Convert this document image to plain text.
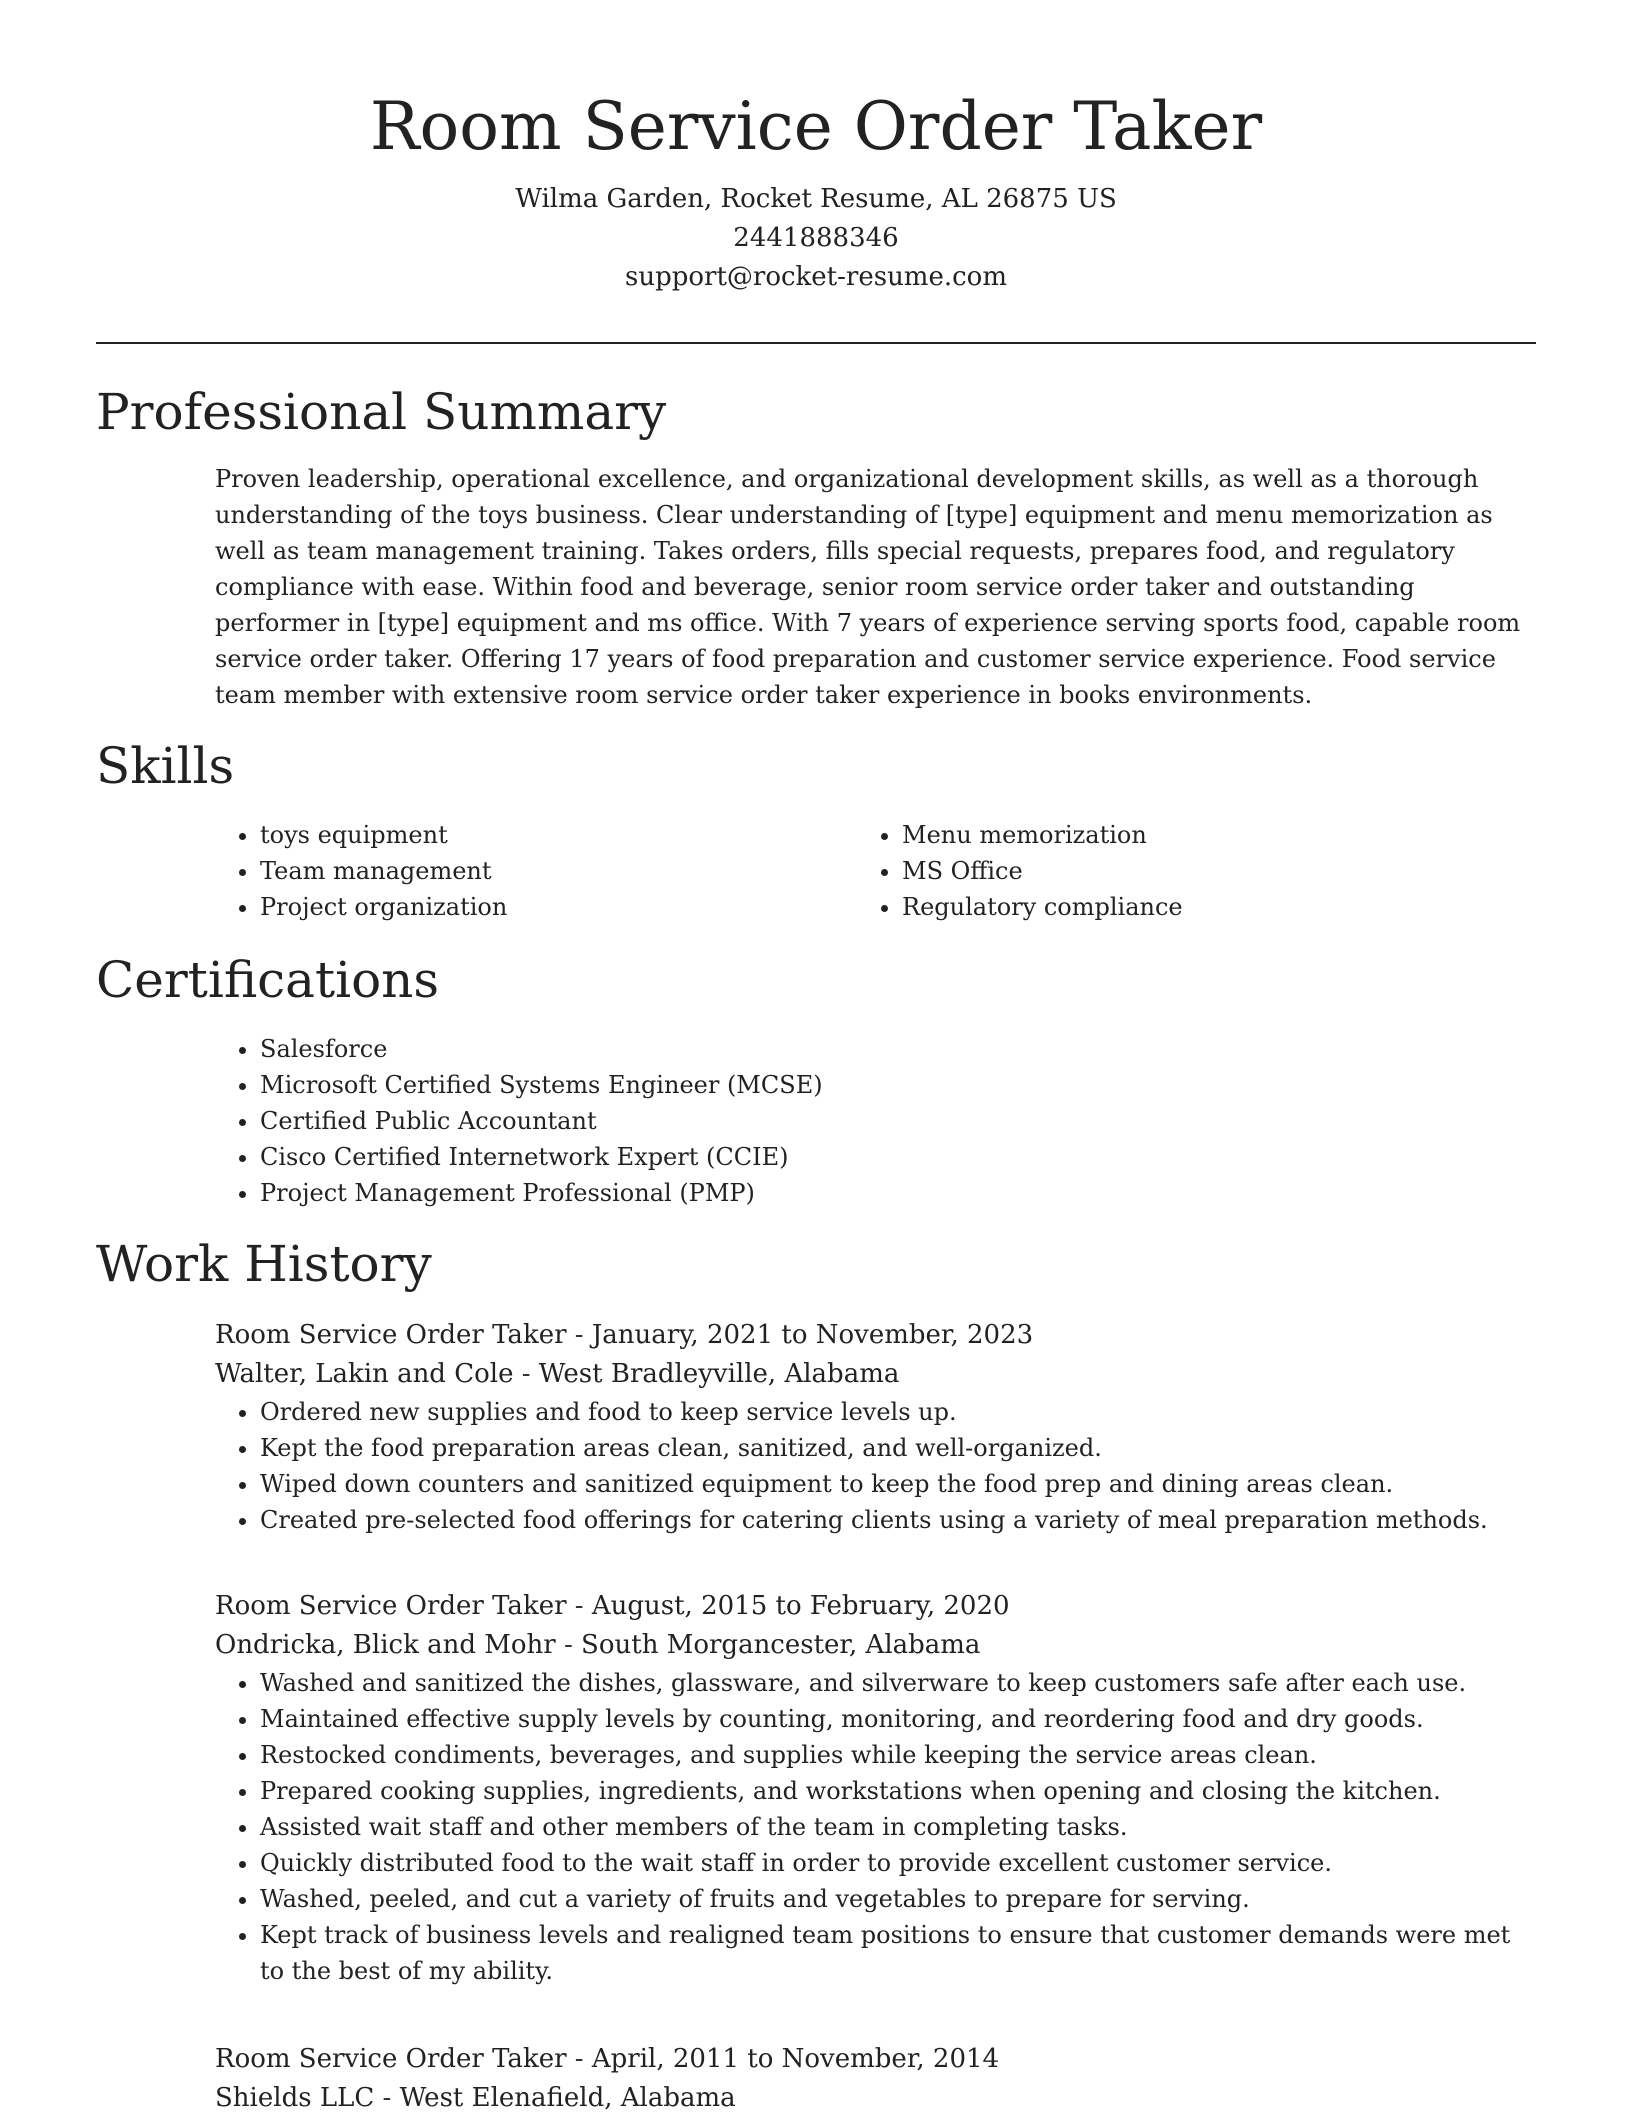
Room Service Order Taker
Wilma Garden, Rocket Resume, AL 26875 US
2441888346
support@rocket-resume.com
Professional Summary

Proven leadership, operational excellence, and organizational development skills, as well as a thorough understanding of the toys business. Clear understanding of [type] equipment and menu memorization as well as team management training. Takes orders, fills special requests, prepares food, and regulatory compliance with ease. Within food and beverage, senior room service order taker and outstanding performer in [type] equipment and ms office. With 7 years of experience serving sports food, capable room service order taker. Offering 17 years of food preparation and customer service experience. Food service team member with extensive room service order taker experience in books environments.

Skills
• toys equipment
• Team management
• Project organization
• Menu memorization
• MS Office
• Regulatory compliance
Certifications
• Salesforce
• Microsoft Certified Systems Engineer (MCSE)
• Certified Public Accountant
• Cisco Certified Internetwork Expert (CCIE)
• Project Management Professional (PMP)
Work History
Room Service Order Taker - January, 2021 to November, 2023
Walter, Lakin and Cole - West Bradleyville, Alabama
• Ordered new supplies and food to keep service levels up.
• Kept the food preparation areas clean, sanitized, and well-organized.
• Wiped down counters and sanitized equipment to keep the food prep and dining areas clean.
• Created pre-selected food offerings for catering clients using a variety of meal preparation methods.
Room Service Order Taker - August, 2015 to February, 2020
Ondricka, Blick and Mohr - South Morgancester, Alabama
• Washed and sanitized the dishes, glassware, and silverware to keep customers safe after each use.
• Maintained effective supply levels by counting, monitoring, and reordering food and dry goods.
• Restocked condiments, beverages, and supplies while keeping the service areas clean.
• Prepared cooking supplies, ingredients, and workstations when opening and closing the kitchen.
• Assisted wait staff and other members of the team in completing tasks.
• Quickly distributed food to the wait staff in order to provide excellent customer service.
• Washed, peeled, and cut a variety of fruits and vegetables to prepare for serving.
• Kept track of business levels and realigned team positions to ensure that customer demands were met to the best of my ability.
Room Service Order Taker - April, 2011 to November, 2014
Shields LLC - West Elenafield, Alabama
